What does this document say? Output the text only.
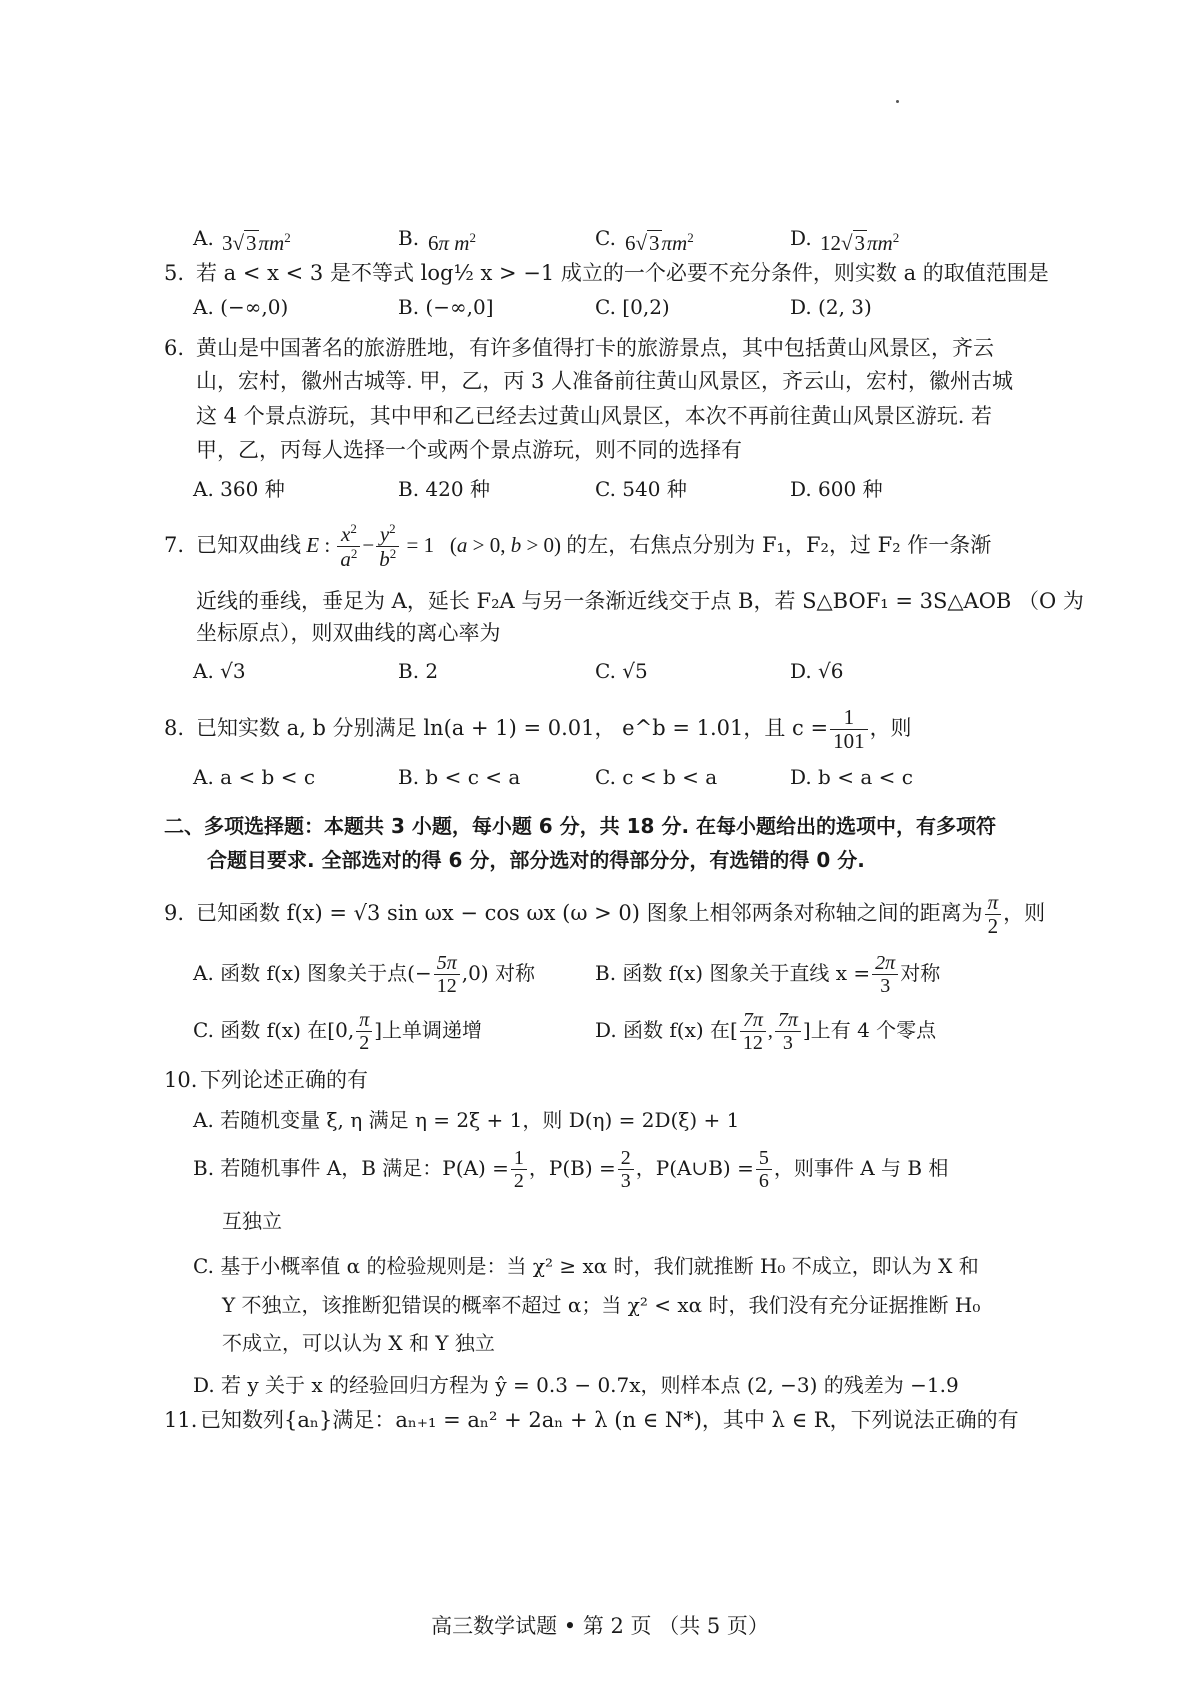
A. $3√3\pi m^2$	B. 6π $m^2$	C. $6√3\pi m^2$	D. $12√3\pi m^2$
5. 若 a < x < 3 是不等式 log½ x > −1 成立的一个必要不充分条件，则实数 a 的取值范围是
A. (−∞,0)	B. (−∞,0]	C. [0,2)	D. (2, 3)
6. 黄山是中国著名的旅游胜地，有许多值得打卡的旅游景点，其中包括黄山风景区，齐云
山，宏村，徽州古城等. 甲，乙，丙 3 人准备前往黄山风景区，齐云山，宏村，徽州古城
这 4 个景点游玩，其中甲和乙已经去过黄山风景区，本次不再前往黄山风景区游玩. 若
甲，乙，丙每人选择一个或两个景点游玩，则不同的选择有
A. 360 种	B. 420 种	C. 540 种	D. 600 种
7. 已知双曲线 E : $\frac{x^2}{a^2} - \frac{y^2}{b^2} = 1$   (a > 0, b > 0) 的左，右焦点分别为 F₁，F₂，过 F₂ 作一条渐
近线的垂线，垂足为 A，延长 F₂A 与另一条渐近线交于点 B，若 S△BOF₁ = 3S△AOB （O 为
坐标原点），则双曲线的离心率为
A. √3	B. 2	C. √5	D. √6
8. 已知实数 a, b 分别满足 ln(a + 1) = 0.01， e^b = 1.01，且 $c = \frac{1}{101}$ ，则
A. a < b < c	B. b < c < a	C. c < b < a	D. b < a < c
二、多项选择题：本题共 3 小题，每小题 6 分，共 18 分. 在每小题给出的选项中，有多项符
合题目要求. 全部选对的得 6 分，部分选对的得部分分，有选错的得 0 分.
9. 已知函数 f(x) = √3 sin ωx − cos ωx (ω > 0) 图象上相邻两条对称轴之间的距离为 $\frac{\pi}{2}$ ，则
A. 函数 f(x) 图象关于点(− $\frac{5\pi}{12} ,0$) 对称	B. 函数 f(x) 图象关于直线 $x = \frac{2\pi}{3}$ 对称
C. 函数 f(x) 在[0, $\frac{\pi}{2}$ ]上单调递增	D. 函数 f(x) 在[ $\frac{7\pi}{12}$ , $\frac{7\pi}{3}$ ]上有 4 个零点
10. 下列论述正确的有
A. 若随机变量 ξ, η 满足 η = 2ξ + 1，则 D(η) = 2D(ξ) + 1
B. 若随机事件 A，B 满足：$P(A) = \frac{1}{2}$ ，$P(B) = \frac{2}{3}$ ，P(A∪B) = $\frac{5}{6}$ ，则事件 A 与 B 相
互独立
C. 基于小概率值 α 的检验规则是：当 χ² ≥ xα 时，我们就推断 H₀ 不成立，即认为 X 和
Y 不独立，该推断犯错误的概率不超过 α；当 χ² < xα 时，我们没有充分证据推断 H₀
不成立，可以认为 X 和 Y 独立
D. 若 y 关于 x 的经验回归方程为 ŷ = 0.3 − 0.7x，则样本点 (2, −3) 的残差为 −1.9
11. 已知数列{aₙ}满足：aₙ₊₁ = aₙ² + 2aₙ + λ (n ∈ N*)，其中 λ ∈ R，下列说法正确的有
高三数学试题 • 第 2 页 （共 5 页）
